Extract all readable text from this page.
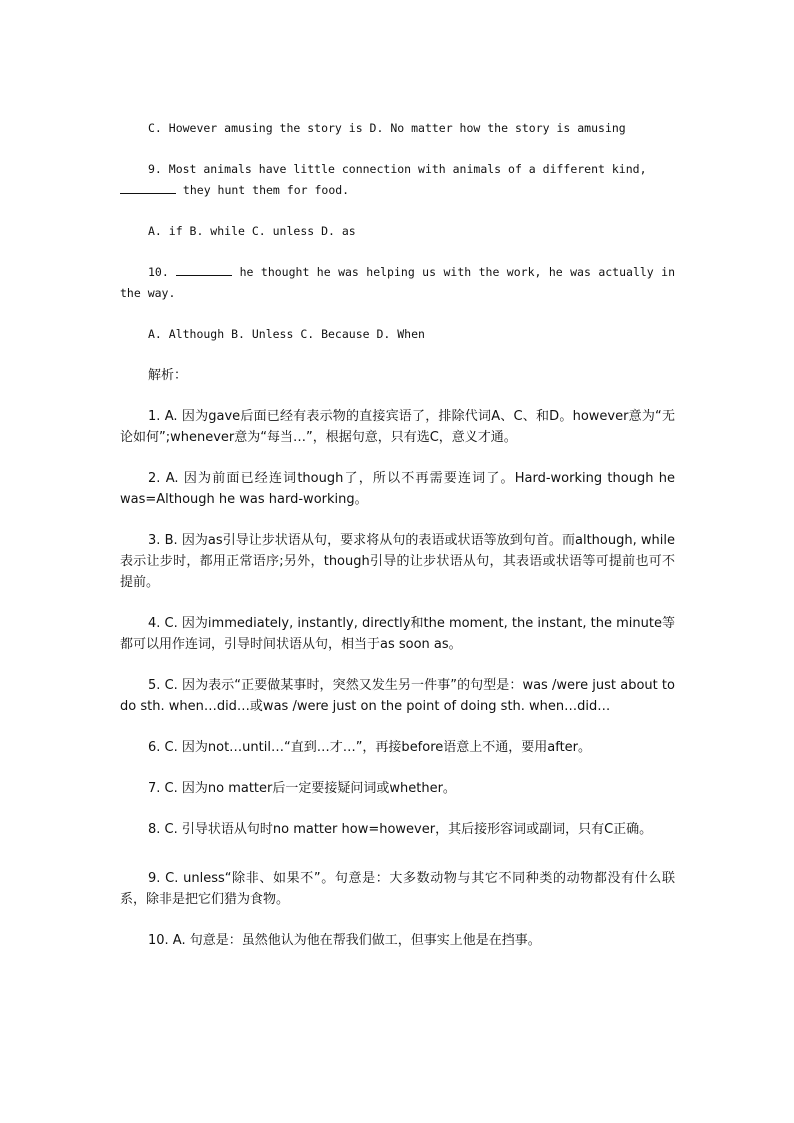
C. However amusing the story is D. No matter how the story is amusing

9. Most animals have little connection with animals of a different kind,
they hunt them for food.

A. if B. while C. unless D. as

10.	he thought he was helping us with the work, he was actually in the way.

A. Although B. Unless C. Because D. When

解析：

1. A. 因为gave后面已经有表示物的直接宾语了，排除代词A、C、和D。however意为“无论如何”;whenever意为“每当…”，根据句意，只有选C，意义才通。

2. A. 因为前面已经连词though了，所以不再需要连词了。Hard-working though he was=Although he was hard-working。

3. B. 因为as引导让步状语从句，要求将从句的表语或状语等放到句首。而although, while表示让步时，都用正常语序;另外，though引导的让步状语从句，其表语或状语等可提前也可不提前。

4. C. 因为immediately, instantly, directly和the moment, the instant, the minute等都可以用作连词，引导时间状语从句，相当于as soon as。

5. C. 因为表示“正要做某事时，突然又发生另一件事”的句型是：was /were just about to do sth. when…did…或was /were just on the point of doing sth. when…did…

6. C. 因为not…until…“直到…才…”，再接before语意上不通，要用after。

7. C. 因为no matter后一定要接疑问词或whether。

8. C. 引导状语从句时no matter how=however，其后接形容词或副词，只有C正确。

9. C. unless“除非、如果不”。句意是：大多数动物与其它不同种类的动物都没有什么联系，除非是把它们猎为食物。

10. A. 句意是：虽然他认为他在帮我们做工，但事实上他是在挡事。
